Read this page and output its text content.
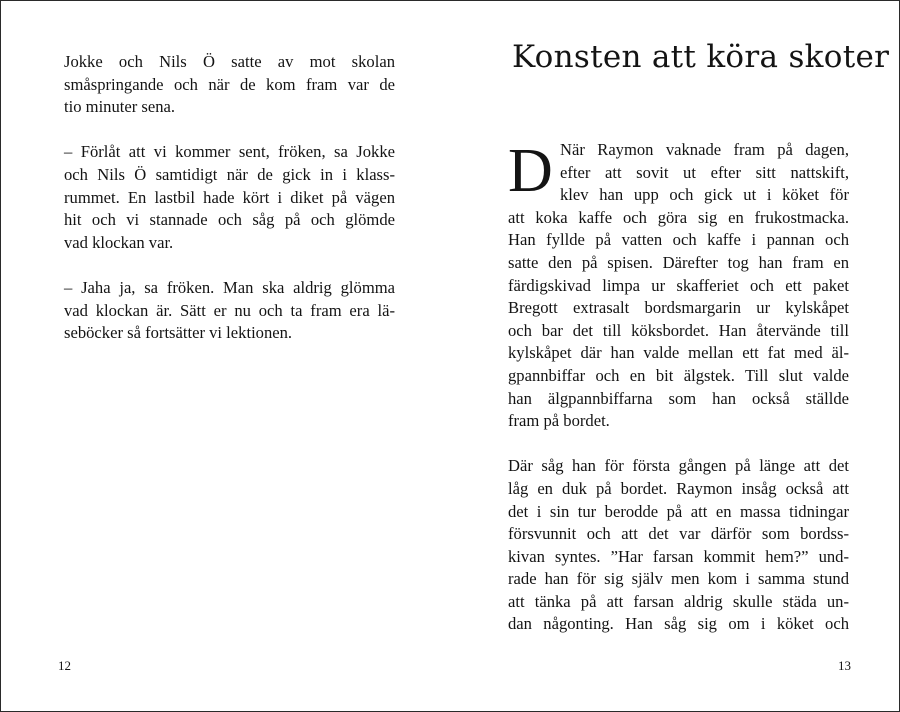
Jokke och Nils Ö satte av mot skolan
småspringande och när de kom fram var de
tio minuter sena.

– Förlåt att vi kommer sent, fröken, sa Jokke
och Nils Ö samtidigt när de gick in i klass-
rummet. En lastbil hade kört i diket på vägen
hit och vi stannade och såg på och glömde
vad klockan var.

– Jaha ja, sa fröken. Man ska aldrig glömma
vad klockan är. Sätt er nu och ta fram era lä-
seböcker så fortsätter vi lektionen.

12
Konsten att köra skoter
D När Raymon vaknade fram på dagen,
efter att sovit ut efter sitt nattskift,
klev han upp och gick ut i köket för
att koka kaffe och göra sig en frukostmacka.
Han fyllde på vatten och kaffe i pannan och
satte den på spisen. Därefter tog han fram en
färdigskivad limpa ur skafferiet och ett paket
Bregott extrasalt bordsmargarin ur kylskåpet
och bar det till köksbordet. Han återvände till
kylskåpet där han valde mellan ett fat med äl-
gpannbiffar och en bit älgstek. Till slut valde
han älgpannbiffarna som han också ställde
fram på bordet.

Där såg han för första gången på länge att det
låg en duk på bordet. Raymon insåg också att
det i sin tur berodde på att en massa tidningar
försvunnit och att det var därför som bordss-
kivan syntes. ”Har farsan kommit hem?” und-
rade han för sig själv men kom i samma stund
att tänka på att farsan aldrig skulle städa un-
dan någonting. Han såg sig om i köket och

13
